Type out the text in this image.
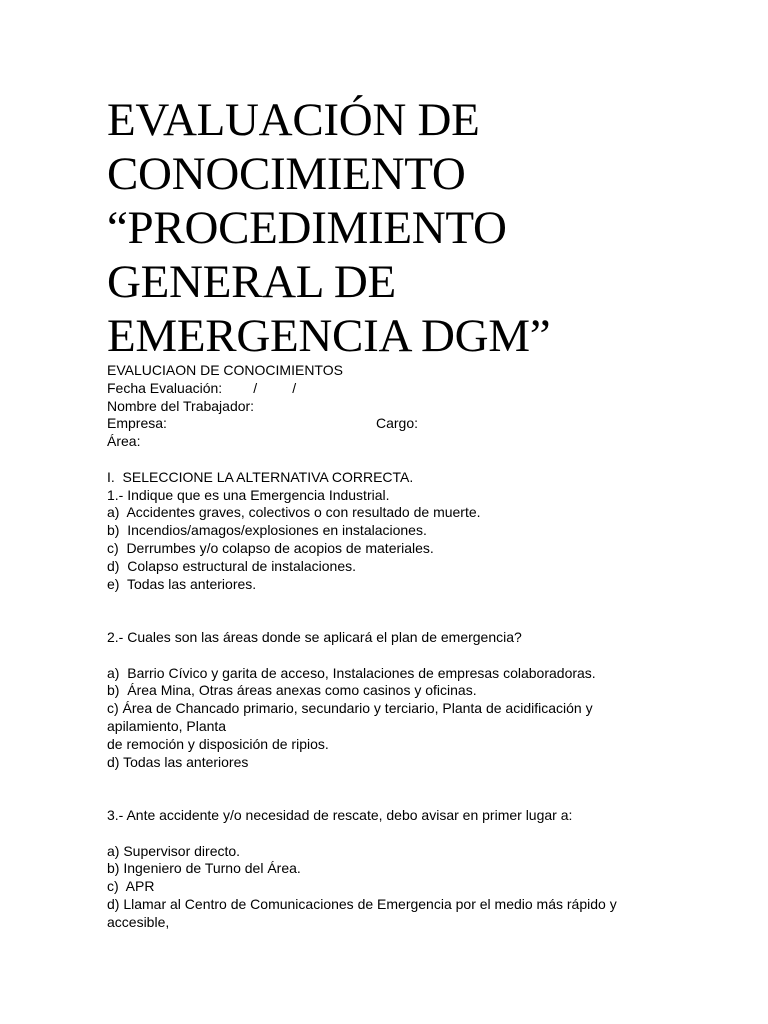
EVALUACIÓN DE
CONOCIMIENTO
“PROCEDIMIENTO
GENERAL DE
EMERGENCIA DGM”
EVALUCIAON DE CONOCIMIENTOS
Fecha Evaluación:        /         /
Nombre del Trabajador:
Empresa:	Cargo:
Área:
I.  SELECCIONE LA ALTERNATIVA CORRECTA.
1.- Indique que es una Emergencia Industrial.
a)  Accidentes graves, colectivos o con resultado de muerte.
b)  Incendios/amagos/explosiones en instalaciones.
c)  Derrumbes y/o colapso de acopios de materiales.
d)  Colapso estructural de instalaciones.
e)  Todas las anteriores.
2.- Cuales son las áreas donde se aplicará el plan de emergencia?
a)  Barrio Cívico y garita de acceso, Instalaciones de empresas colaboradoras.
b)  Área Mina, Otras áreas anexas como casinos y oficinas.
c) Área de Chancado primario, secundario y terciario, Planta de acidificación y apilamiento, Planta
de remoción y disposición de ripios.
d) Todas las anteriores
3.- Ante accidente y/o necesidad de rescate, debo avisar en primer lugar a:
a) Supervisor directo.
b) Ingeniero de Turno del Área.
c)  APR
d) Llamar al Centro de Comunicaciones de Emergencia por el medio más rápido y accesible,
